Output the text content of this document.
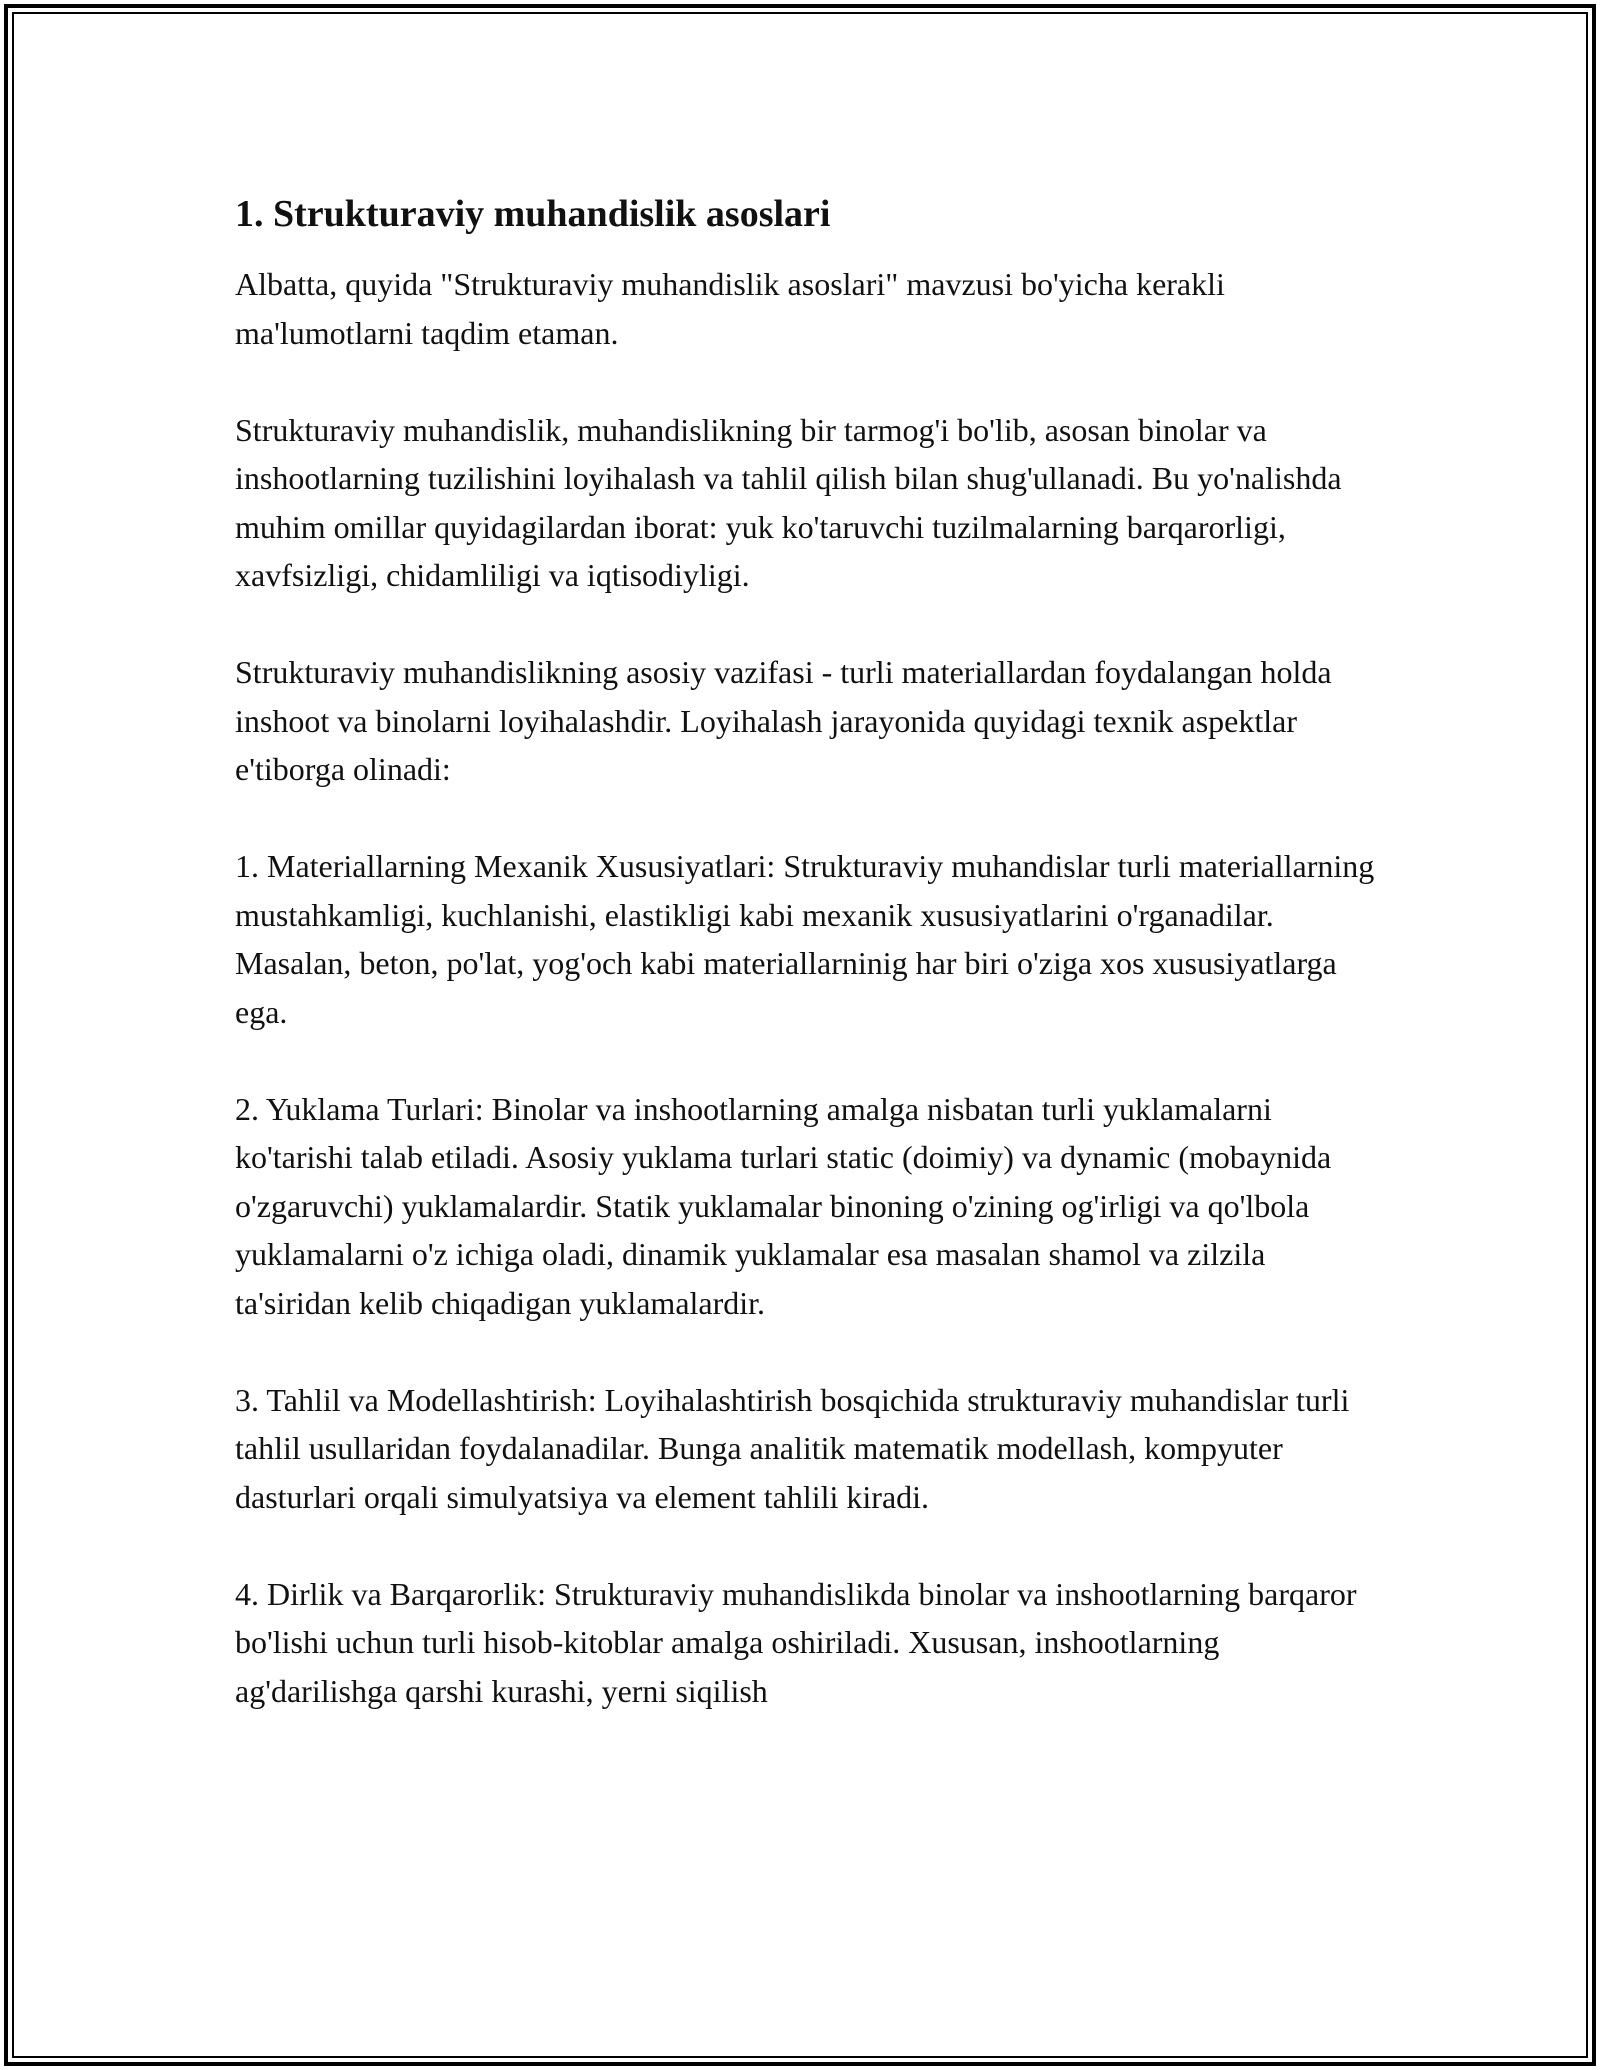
1. Strukturaviy muhandislik asoslari

Albatta, quyida "Strukturaviy muhandislik asoslari" mavzusi bo'yicha kerakli ma'lumotlarni taqdim etaman.

Strukturaviy muhandislik, muhandislikning bir tarmog'i bo'lib, asosan binolar va inshootlarning tuzilishini loyihalash va tahlil qilish bilan shug'ullanadi. Bu yo'nalishda muhim omillar quyidagilardan iborat: yuk ko'taruvchi tuzilmalarning barqarorligi, xavfsizligi, chidamliligi va iqtisodiyligi.

Strukturaviy muhandislikning asosiy vazifasi - turli materiallardan foydalangan holda inshoot va binolarni loyihalashdir. Loyihalash jarayonida quyidagi texnik aspektlar e'tiborga olinadi:

1. Materiallarning Mexanik Xususiyatlari: Strukturaviy muhandislar turli materiallarning mustahkamligi, kuchlanishi, elastikligi kabi mexanik xususiyatlarini o'rganadilar. Masalan, beton, po'lat, yog'och kabi materiallarninig har biri o'ziga xos xususiyatlarga ega.

2. Yuklama Turlari: Binolar va inshootlarning amalga nisbatan turli yuklamalarni ko'tarishi talab etiladi. Asosiy yuklama turlari static (doimiy) va dynamic (mobaynida o'zgaruvchi) yuklamalardir. Statik yuklamalar binoning o'zining og'irligi va qo'lbola yuklamalarni o'z ichiga oladi, dinamik yuklamalar esa masalan shamol va zilzila ta'siridan kelib chiqadigan yuklamalardir.

3. Tahlil va Modellashtirish: Loyihalashtirish bosqichida strukturaviy muhandislar turli tahlil usullaridan foydalanadilar. Bunga analitik matematik modellash, kompyuter dasturlari orqali simulyatsiya va element tahlili kiradi.

4. Dirlik va Barqarorlik: Strukturaviy muhandislikda binolar va inshootlarning barqaror bo'lishi uchun turli hisob-kitoblar amalga oshiriladi. Xususan, inshootlarning ag'darilishga qarshi kurashi, yerni siqilish
